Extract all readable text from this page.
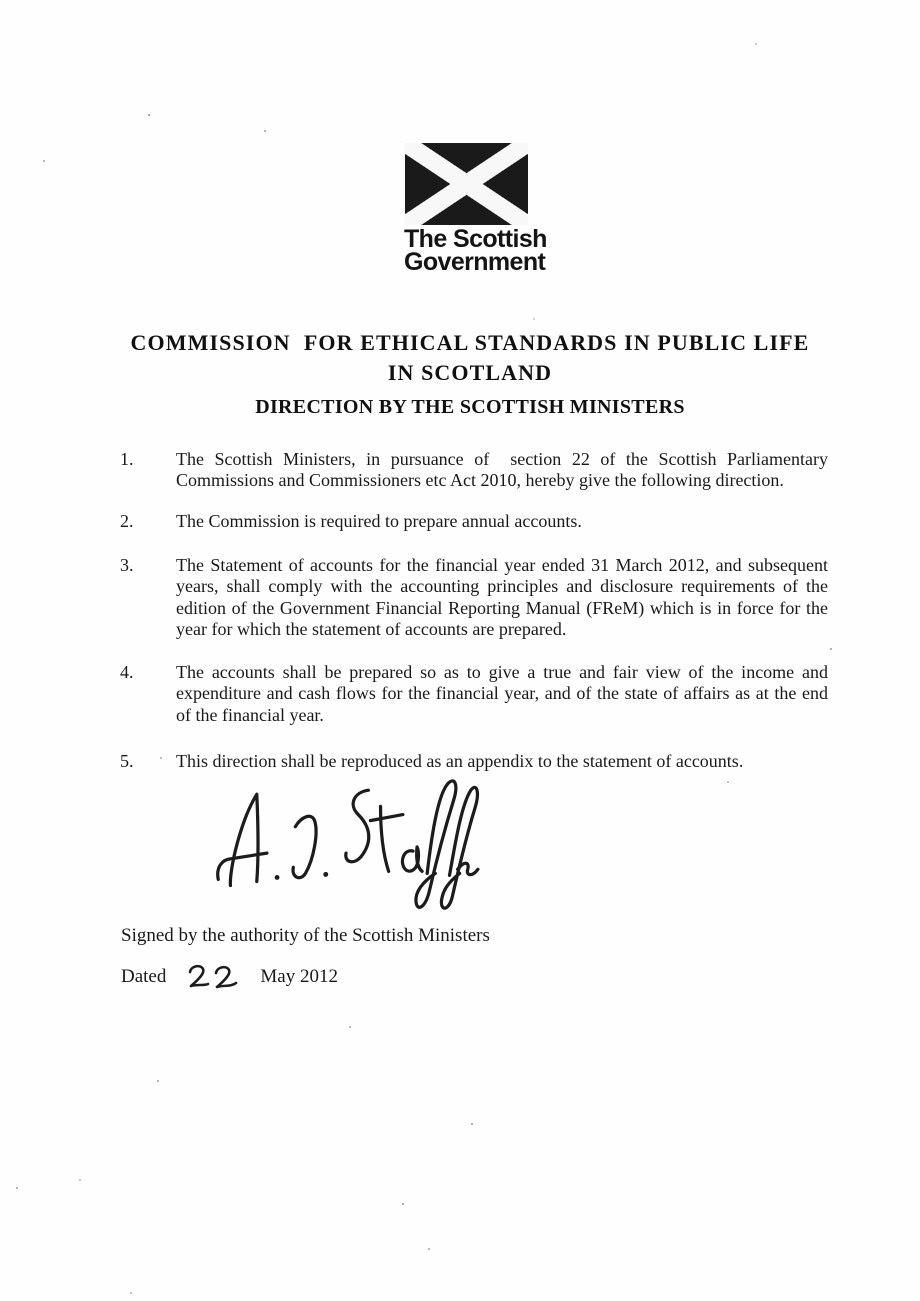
The Scottish
Government
COMMISSION  FOR ETHICAL STANDARDS IN PUBLIC LIFE
IN SCOTLAND
DIRECTION BY THE SCOTTISH MINISTERS
1. The Scottish Ministers, in pursuance of  section 22 of the Scottish Parliamentary Commissions and Commissioners etc Act 2010, hereby give the following direction.
2. The Commission is required to prepare annual accounts.
3. The Statement of accounts for the financial year ended 31 March 2012, and subsequent years, shall comply with the accounting principles and disclosure requirements of the edition of the Government Financial Reporting Manual (FReM) which is in force for the year for which the statement of accounts are prepared.
4. The accounts shall be prepared so as to give a true and fair view of the income and expenditure and cash flows for the financial year, and of the state of affairs as at the end of the financial year.
5. This direction shall be reproduced as an appendix to the statement of accounts.
Signed by the authority of the Scottish Ministers
Dated	May 2012
